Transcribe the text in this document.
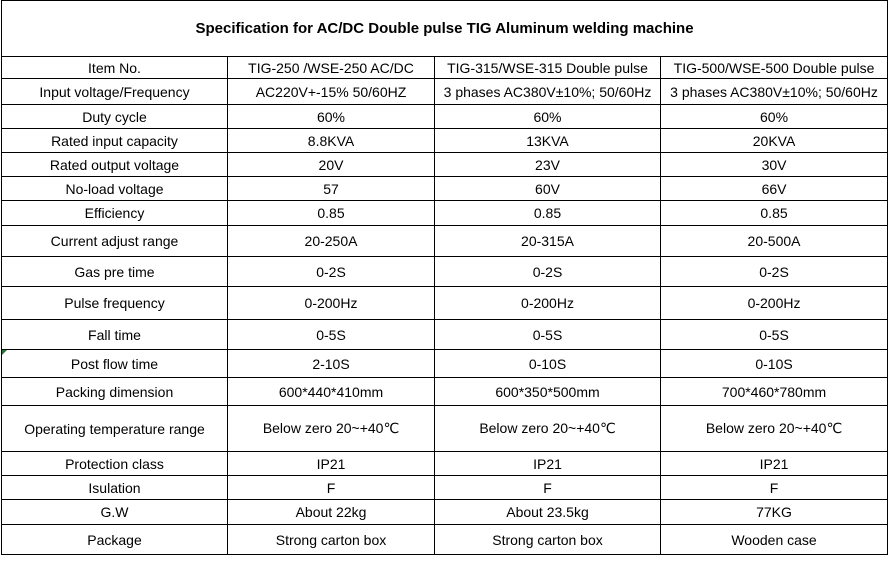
Specification for AC/DC Double pulse TIG Aluminum welding machine			
Item No.	TIG-250 /WSE-250 AC/DC	TIG-315/WSE-315 Double pulse	TIG-500/WSE-500 Double pulse
Input voltage/Frequency	AC220V+-15% 50/60HZ	3 phases AC380V±10%; 50/60Hz	3 phases AC380V±10%; 50/60Hz
Duty cycle	60%	60%	60%
Rated input capacity	8.8KVA	13KVA	20KVA
Rated output voltage	20V	23V	30V
No-load voltage	57	60V	66V
Efficiency	0.85	0.85	0.85
Current adjust range	20-250A	20-315A	20-500A
Gas pre time	0-2S	0-2S	0-2S
Pulse frequency	0-200Hz	0-200Hz	0-200Hz
Fall time	0-5S	0-5S	0-5S

Post flow time	2-10S	0-10S	0-10S
Packing dimension	600*440*410mm	600*350*500mm	700*460*780mm
Operating temperature range	Below zero 20~+40℃	Below zero 20~+40℃	Below zero 20~+40℃
Protection class	IP21	IP21	IP21
Isulation	F	F	F
G.W	About 22kg	About 23.5kg	77KG
Package	Strong carton box	Strong carton box	Wooden case
